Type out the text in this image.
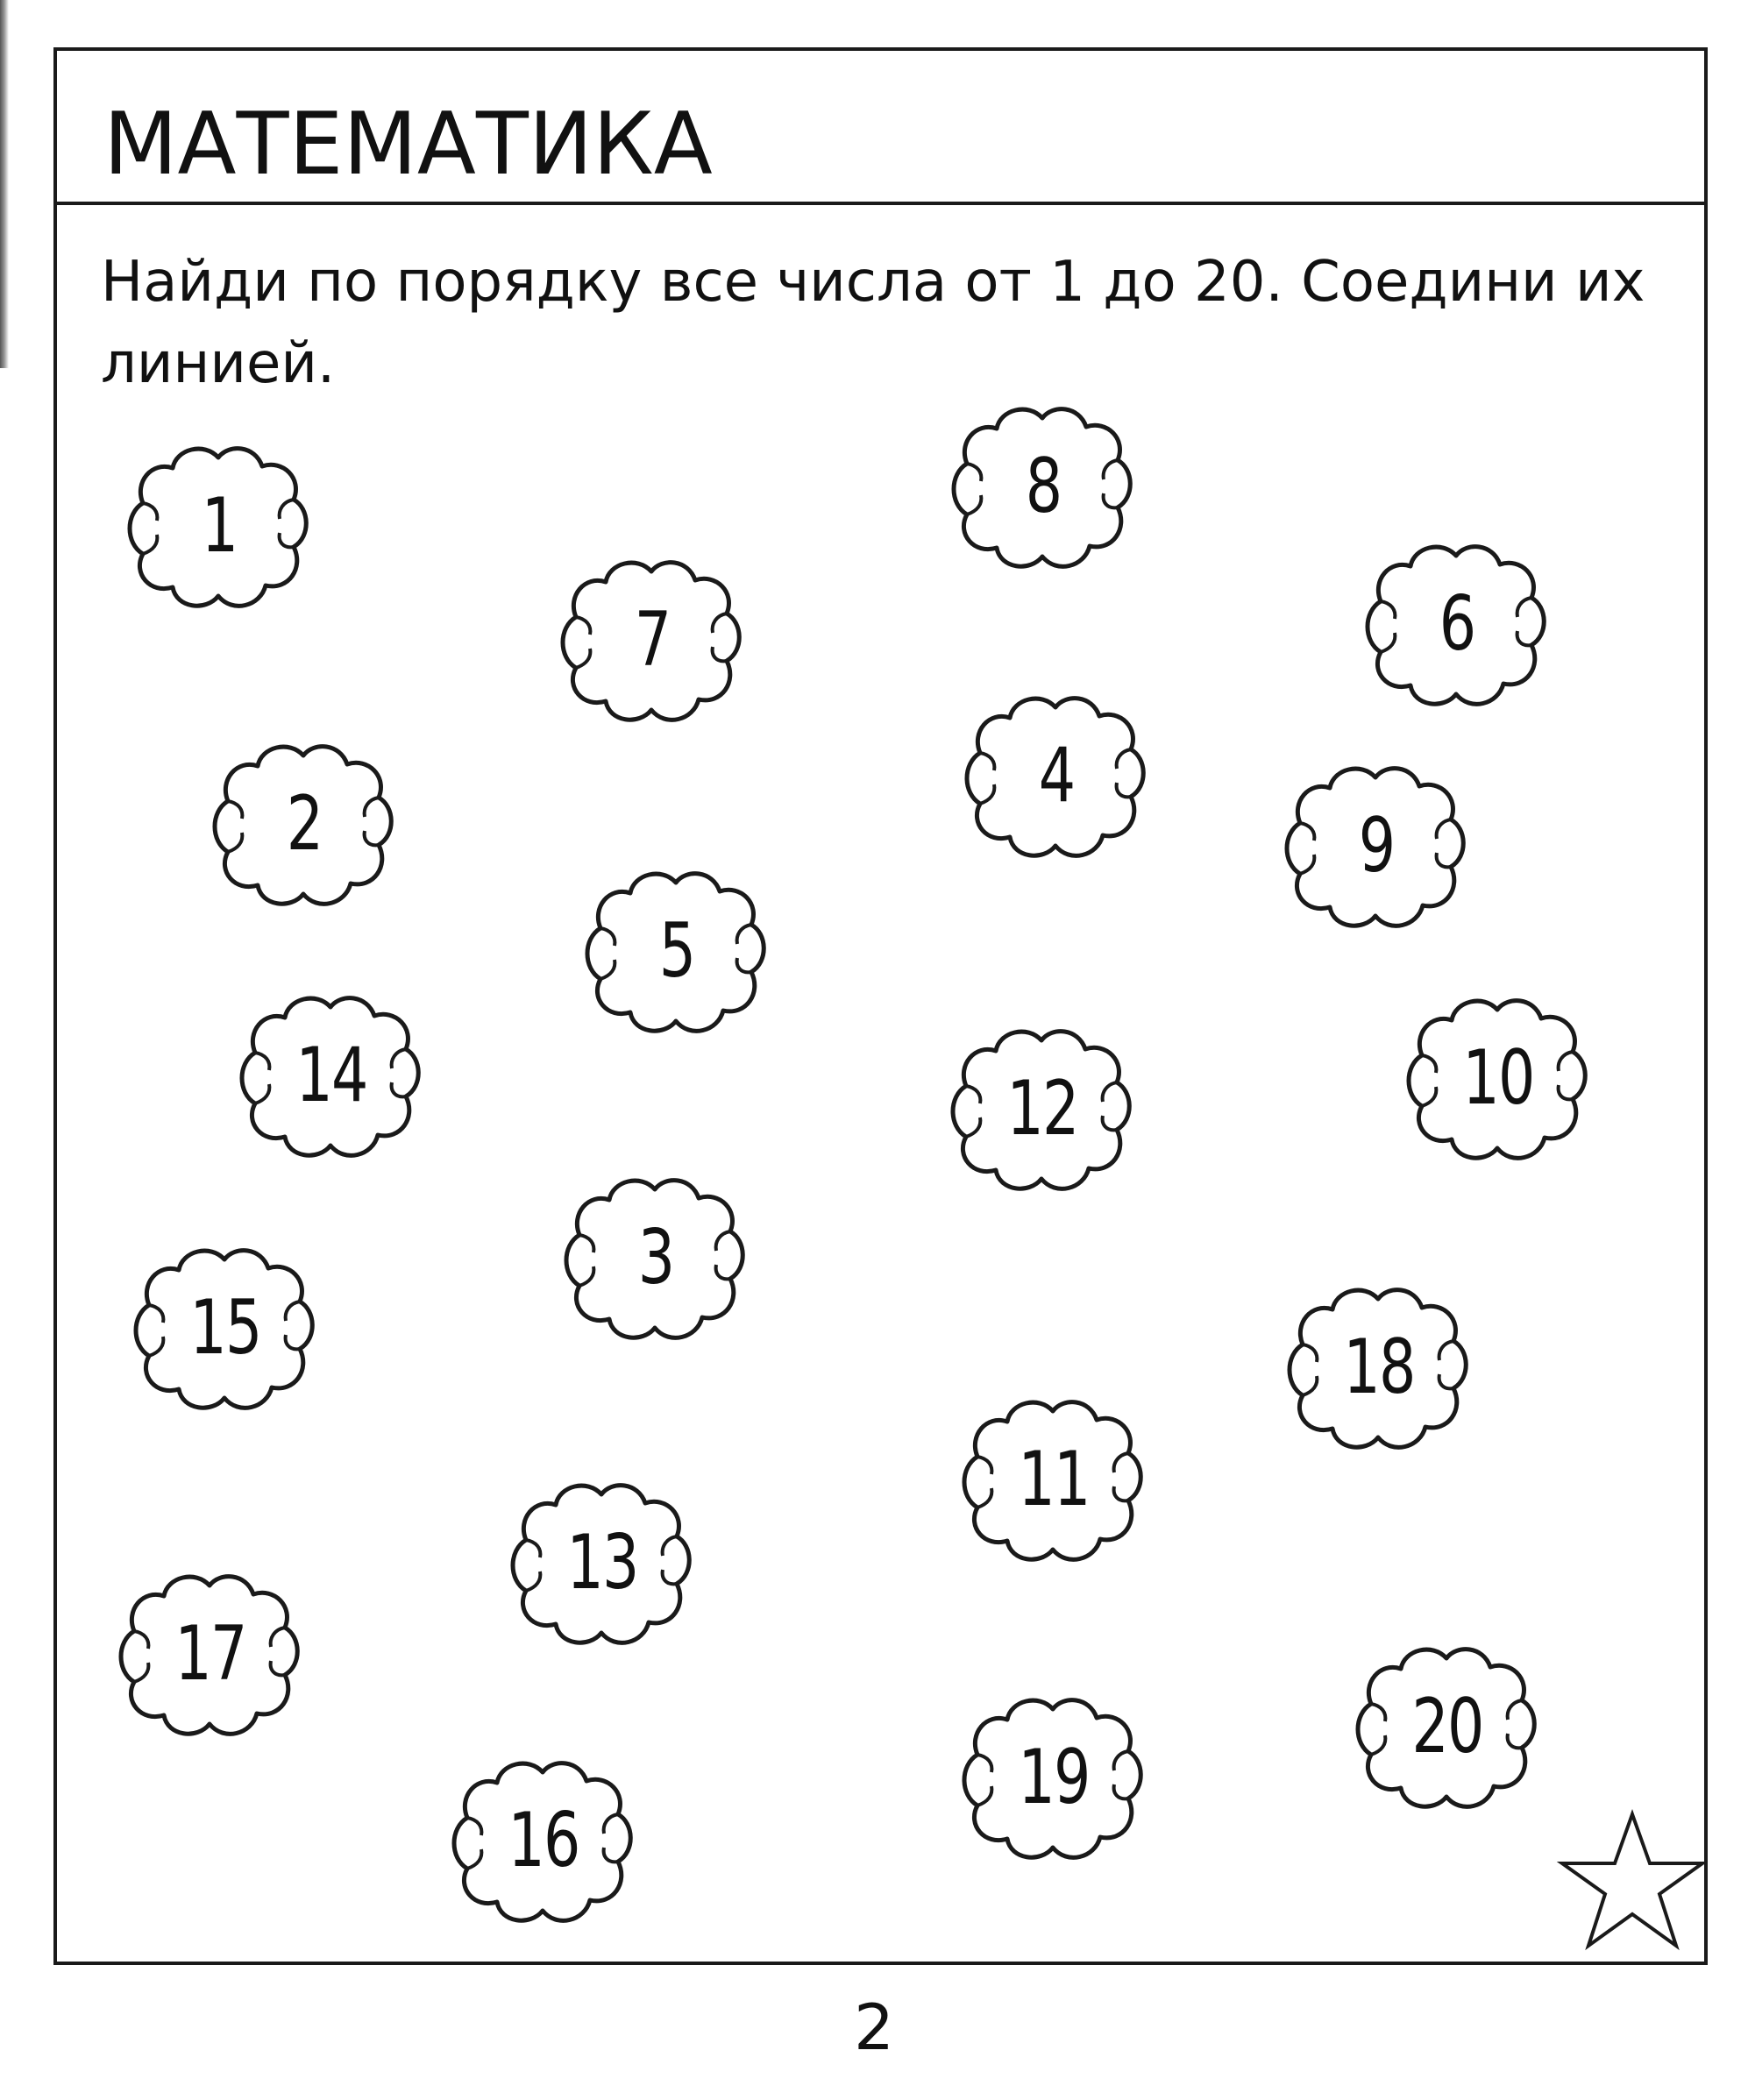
МАТЕМАТИКА

Найди по порядку все числа от 1 до 20. Соедини их линией.

1	8
6
7
4
9
2
5
14	12	10
3
15	18
11
13
17
19
20
16
2
